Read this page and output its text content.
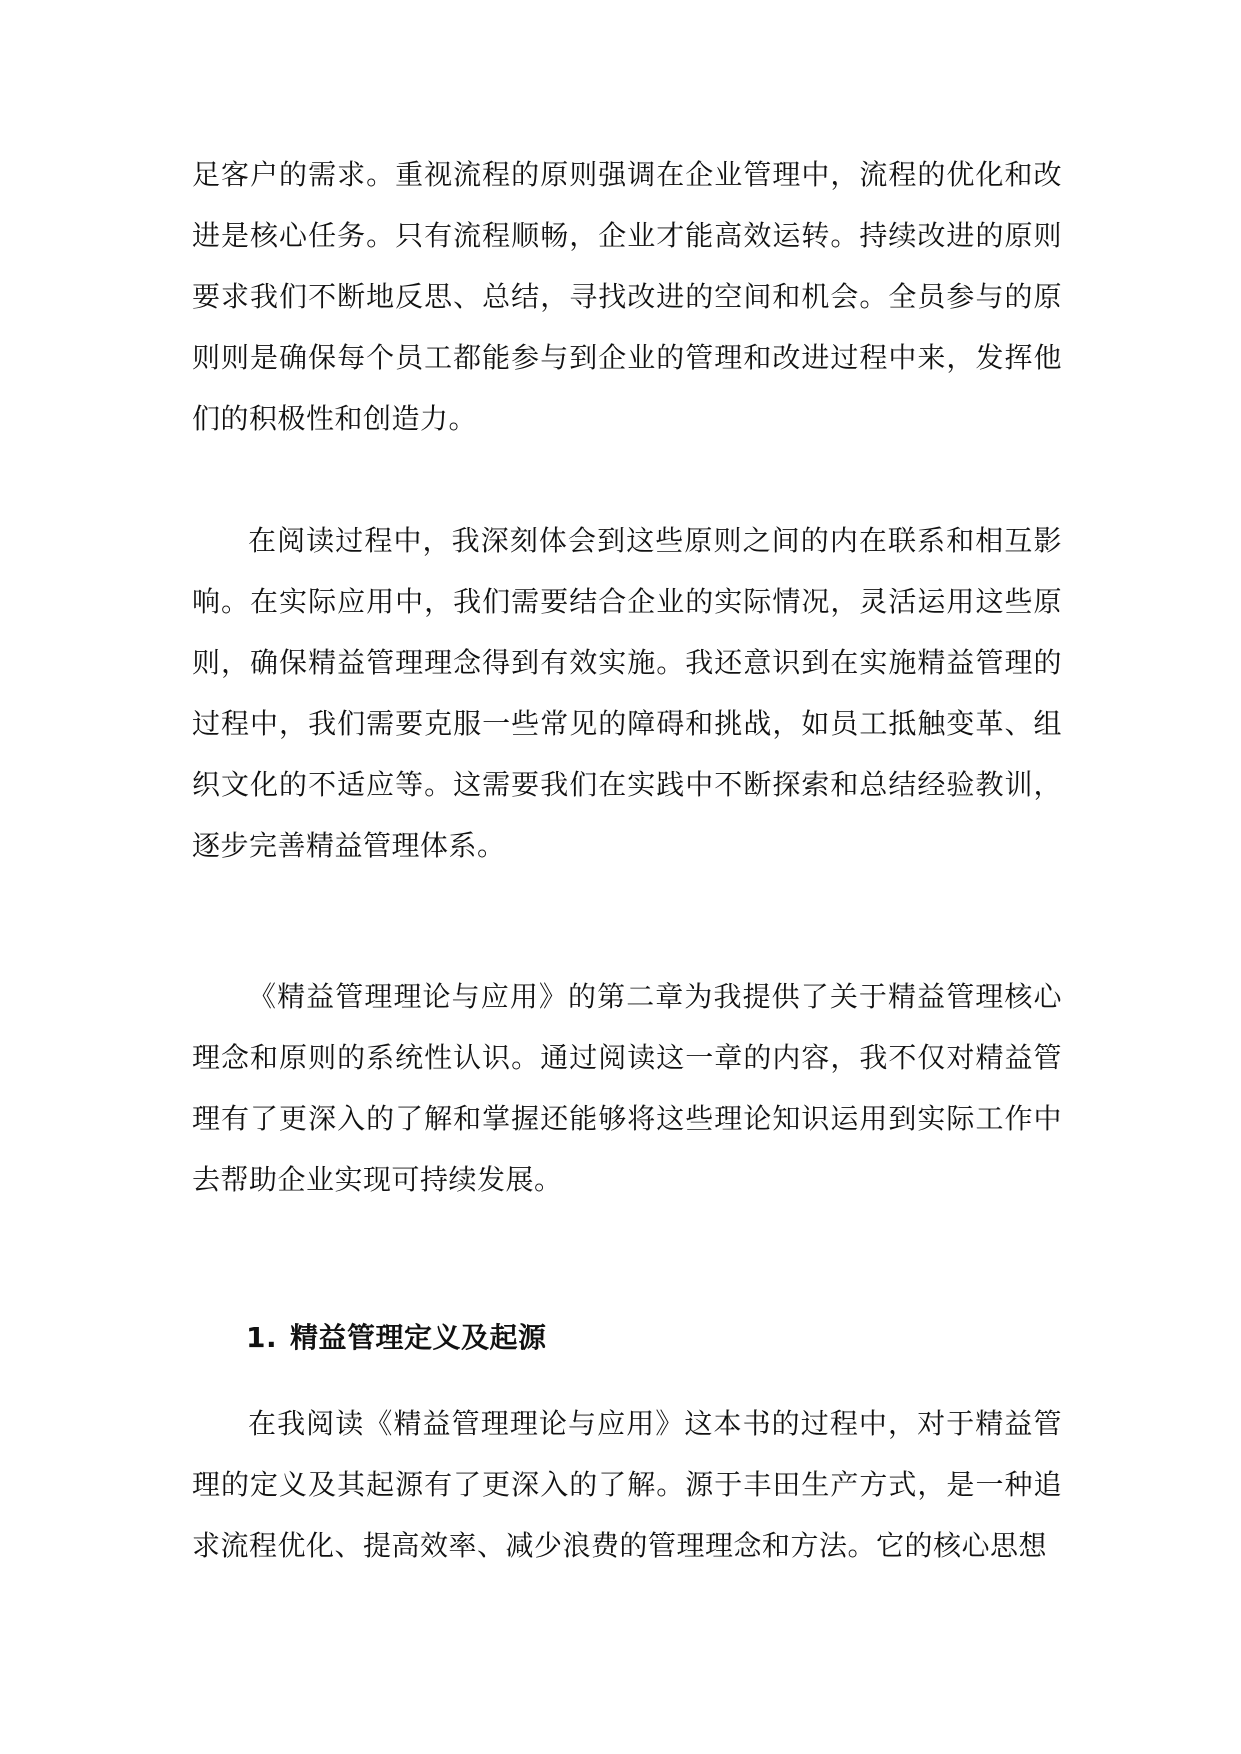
足客户的需求。重视流程的原则强调在企业管理中，流程的优化和改进是核心任务。只有流程顺畅，企业才能高效运转。持续改进的原则要求我们不断地反思、总结，寻找改进的空间和机会。全员参与的原则则是确保每个员工都能参与到企业的管理和改进过程中来，发挥他们的积极性和创造力。

在阅读过程中，我深刻体会到这些原则之间的内在联系和相互影响。在实际应用中，我们需要结合企业的实际情况，灵活运用这些原则，确保精益管理理念得到有效实施。我还意识到在实施精益管理的过程中，我们需要克服一些常见的障碍和挑战，如员工抵触变革、组织文化的不适应等。这需要我们在实践中不断探索和总结经验教训，逐步完善精益管理体系。

《精益管理理论与应用》的第二章为我提供了关于精益管理核心理念和原则的系统性认识。通过阅读这一章的内容，我不仅对精益管理有了更深入的了解和掌握还能够将这些理论知识运用到实际工作中去帮助企业实现可持续发展。

1. 精益管理定义及起源

在我阅读《精益管理理论与应用》这本书的过程中，对于精益管理的定义及其起源有了更深入的了解。源于丰田生产方式，是一种追求流程优化、提高效率、减少浪费的管理理念和方法。它的核心思想
